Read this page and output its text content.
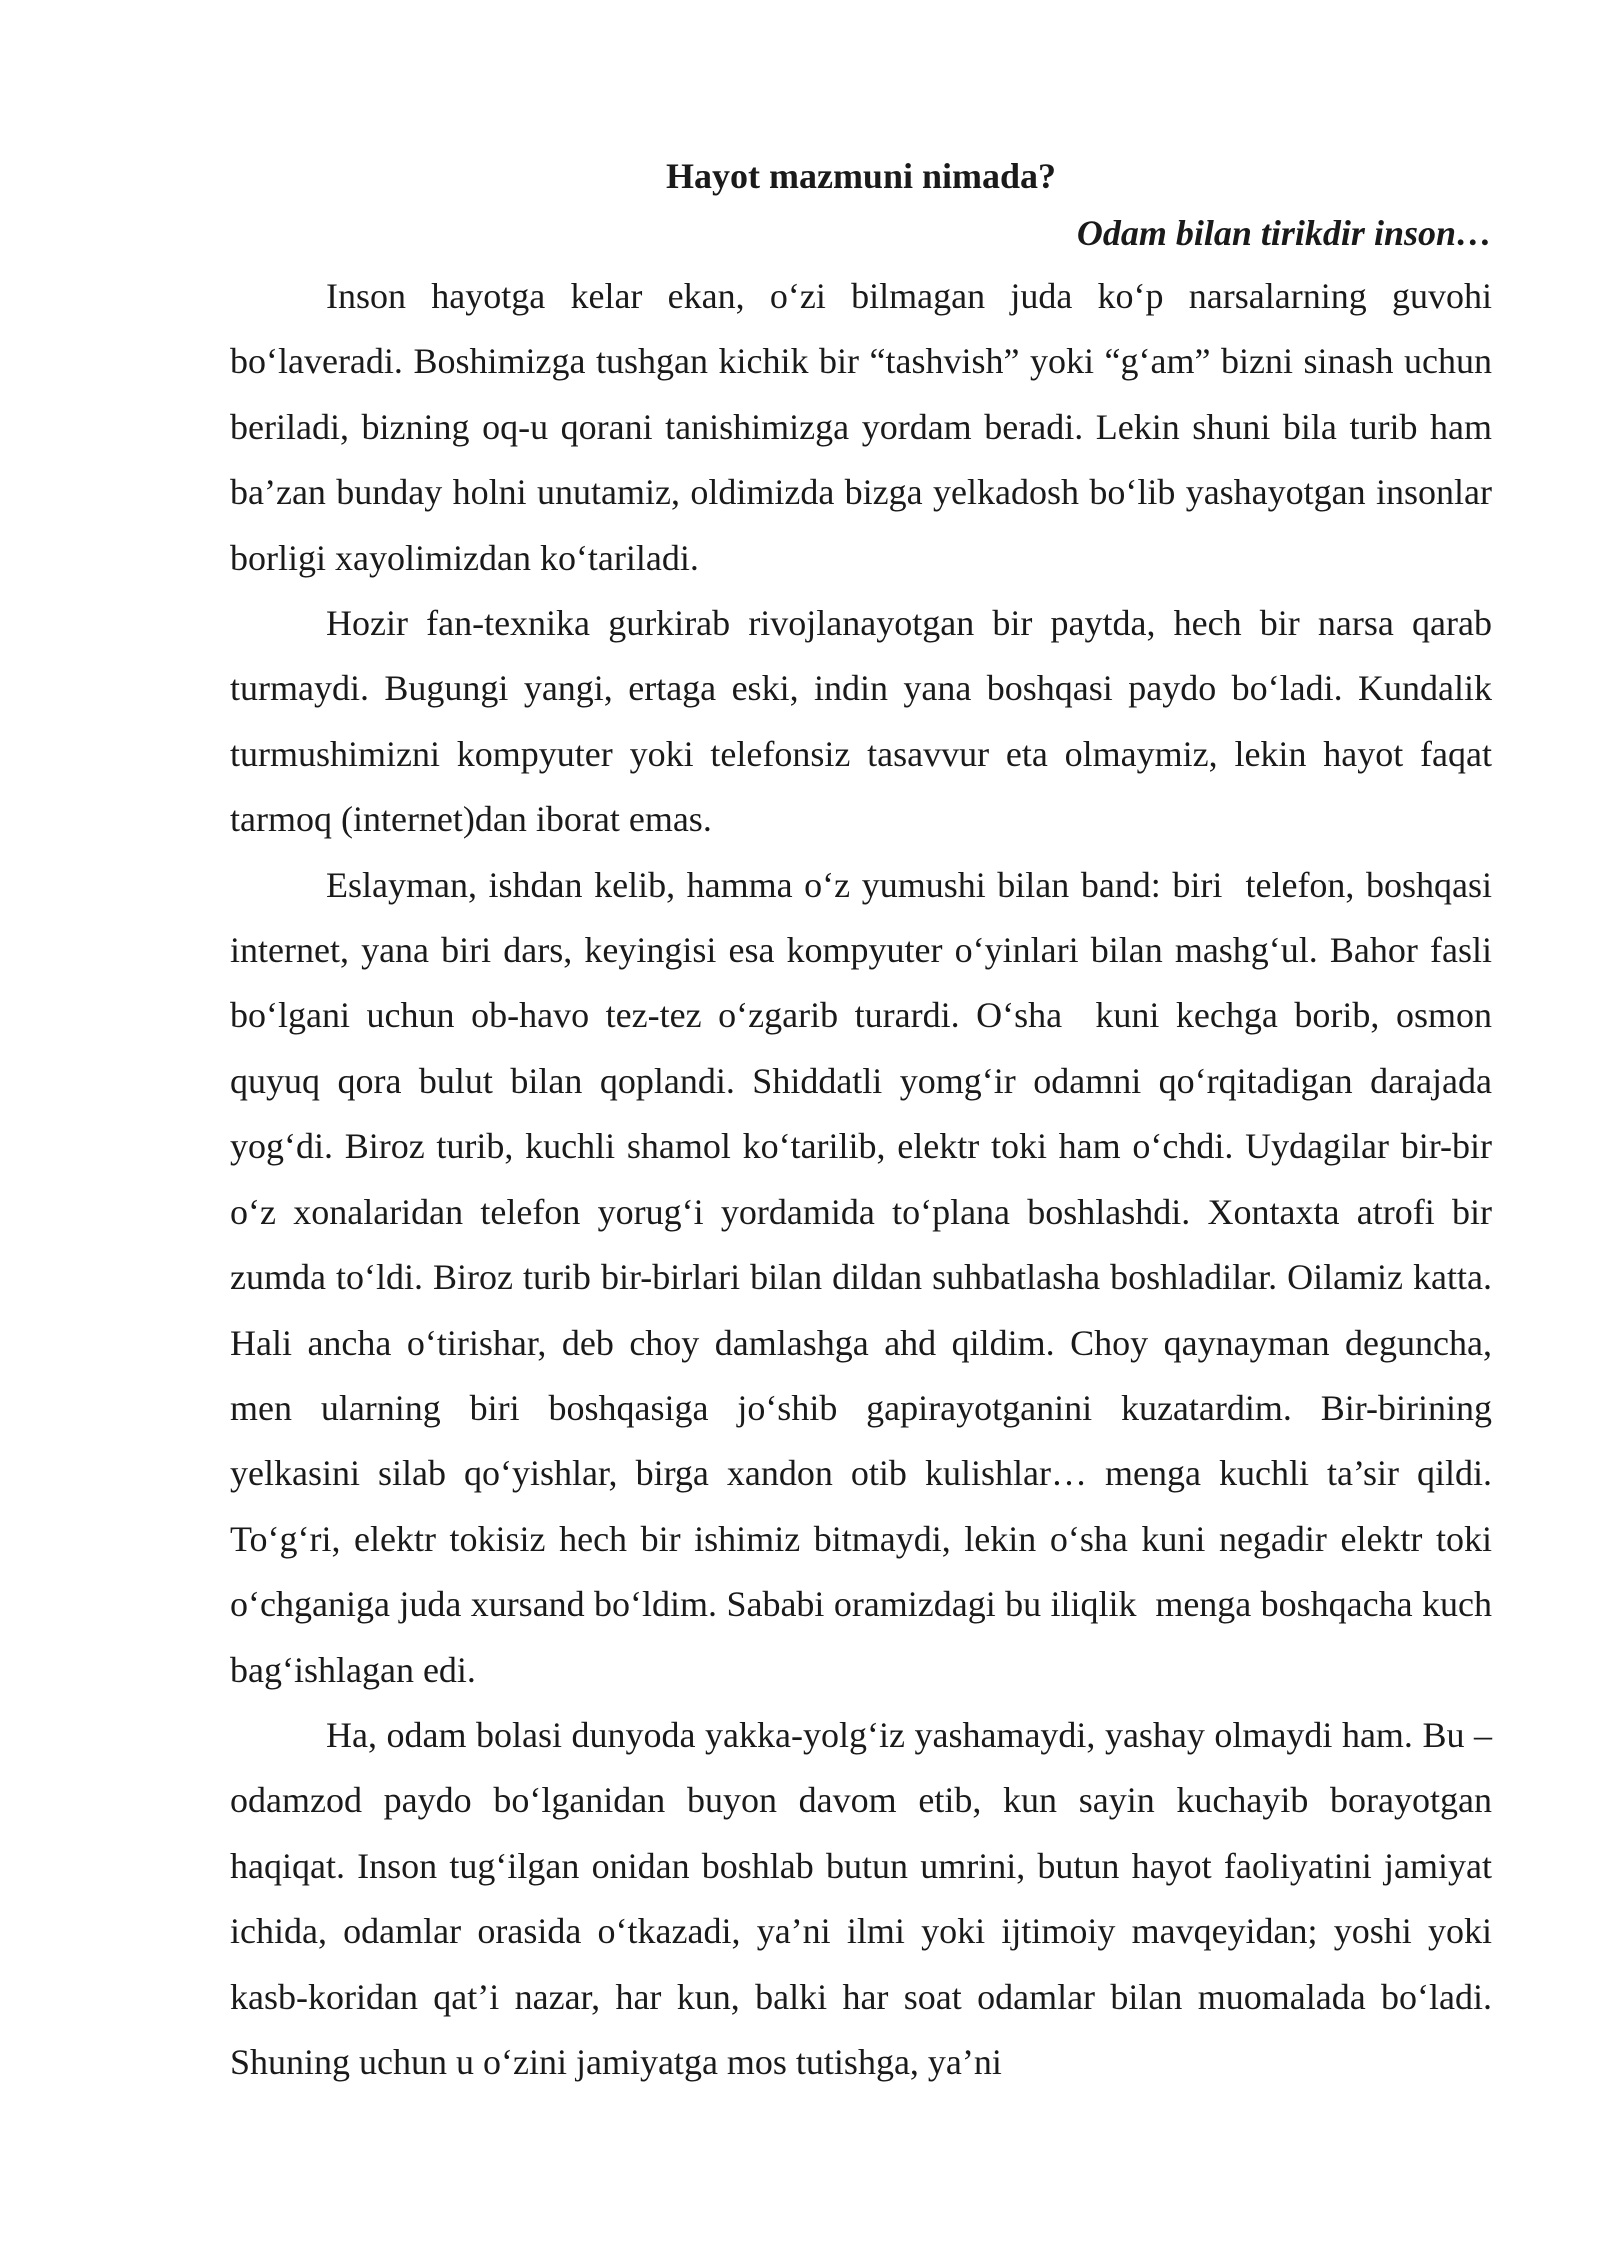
Hayot mazmuni nimada?

Odam bilan tirikdir inson…

Inson hayotga kelar ekan, o‘zi bilmagan juda ko‘p narsalarning guvohi bo‘laveradi. Boshimizga tushgan kichik bir “tashvish” yoki “g‘am” bizni sinash uchun beriladi, bizning oq-u qorani tanishimizga yordam beradi. Lekin shuni bila turib ham ba’zan bunday holni unutamiz, oldimizda bizga yelkadosh bo‘lib yashayotgan insonlar borligi xayolimizdan ko‘tariladi.

Hozir fan-texnika gurkirab rivojlanayotgan bir paytda, hech bir narsa qarab turmaydi. Bugungi yangi, ertaga eski, indin yana boshqasi paydo bo‘ladi. Kundalik turmushimizni kompyuter yoki telefonsiz tasavvur eta olmaymiz, lekin hayot faqat tarmoq (internet)dan iborat emas.

Eslayman, ishdan kelib, hamma o‘z yumushi bilan band: biri  telefon, boshqasi internet, yana biri dars, keyingisi esa kompyuter o‘yinlari bilan mashg‘ul. Bahor fasli bo‘lgani uchun ob-havo tez-tez o‘zgarib turardi. O‘sha  kuni kechga borib, osmon quyuq qora bulut bilan qoplandi. Shiddatli yomg‘ir odamni qo‘rqitadigan darajada yog‘di. Biroz turib, kuchli shamol ko‘tarilib, elektr toki ham o‘chdi. Uydagilar bir-bir o‘z xonalaridan telefon yorug‘i yordamida to‘plana boshlashdi. Xontaxta atrofi bir zumda to‘ldi. Biroz turib bir-birlari bilan dildan suhbatlasha boshladilar. Oilamiz katta. Hali ancha o‘tirishar, deb choy damlashga ahd qildim. Choy qaynayman deguncha, men ularning biri boshqasiga jo‘shib gapirayotganini kuzatardim. Bir-birining yelkasini silab qo‘yishlar, birga xandon otib kulishlar… menga kuchli ta’sir qildi. To‘g‘ri, elektr tokisiz hech bir ishimiz bitmaydi, lekin o‘sha kuni negadir elektr toki o‘chganiga juda xursand bo‘ldim. Sababi oramizdagi bu iliqlik  menga boshqacha kuch bag‘ishlagan edi.

Ha, odam bolasi dunyoda yakka-yolg‘iz yashamaydi, yashay olmaydi ham. Bu – odamzod paydo bo‘lganidan buyon davom etib, kun sayin kuchayib borayotgan haqiqat. Inson tug‘ilgan onidan boshlab butun umrini, butun hayot faoliyatini jamiyat ichida, odamlar orasida o‘tkazadi, ya’ni ilmi yoki ijtimoiy mavqeyidan; yoshi yoki kasb-koridan qat’i nazar, har kun, balki har soat odamlar bilan muomalada bo‘ladi. Shuning uchun u o‘zini jamiyatga mos tutishga, ya’ni
